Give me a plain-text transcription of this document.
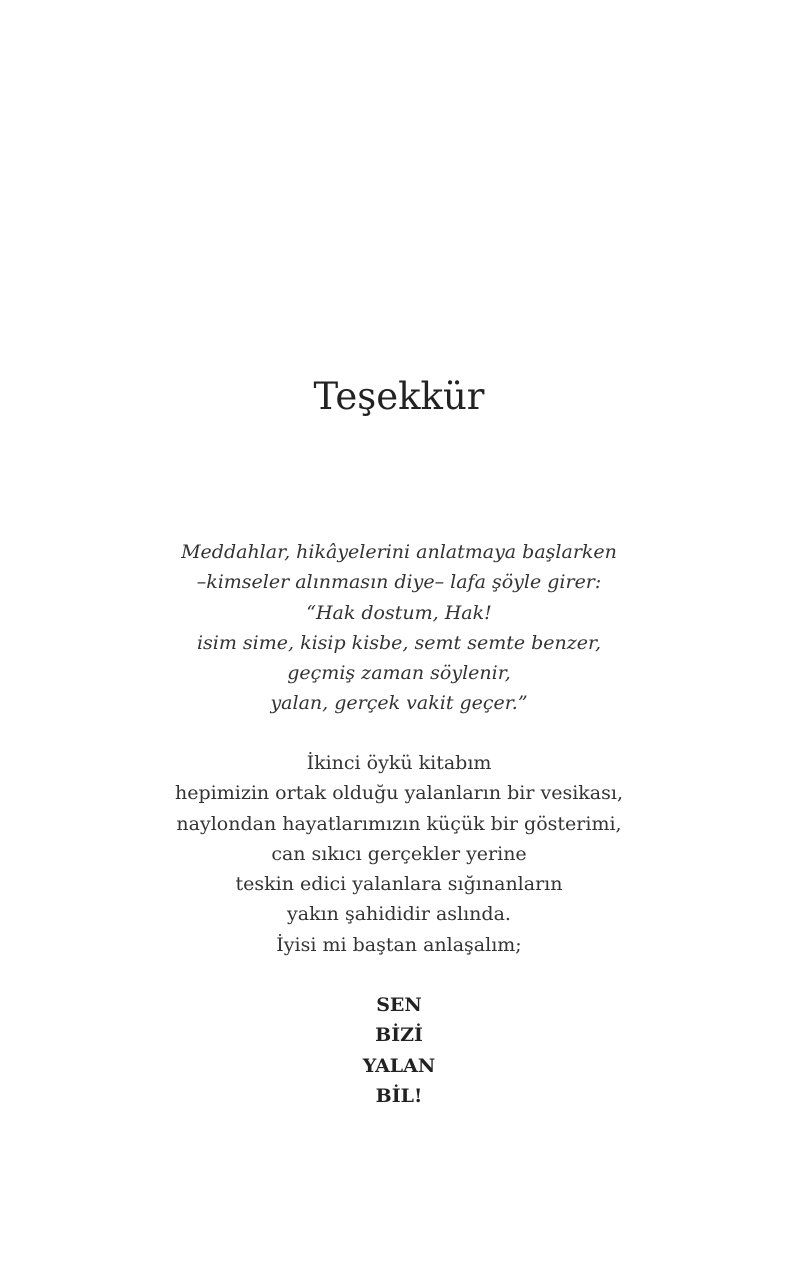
Teşekkür
Meddahlar, hikâyelerini anlatmaya başlarken
–kimseler alınmasın diye– lafa şöyle girer:
“Hak dostum, Hak!
isim sime, kisip kisbe, semt semte benzer,
geçmiş zaman söylenir,
yalan, gerçek vakit geçer.”
İkinci öykü kitabım
hepimizin ortak olduğu yalanların bir vesikası,
naylondan hayatlarımızın küçük bir gösterimi,
can sıkıcı gerçekler yerine
teskin edici yalanlara sığınanların
yakın şahididir aslında.
İyisi mi baştan anlaşalım;
SEN
BİZİ
YALAN
BİL!
